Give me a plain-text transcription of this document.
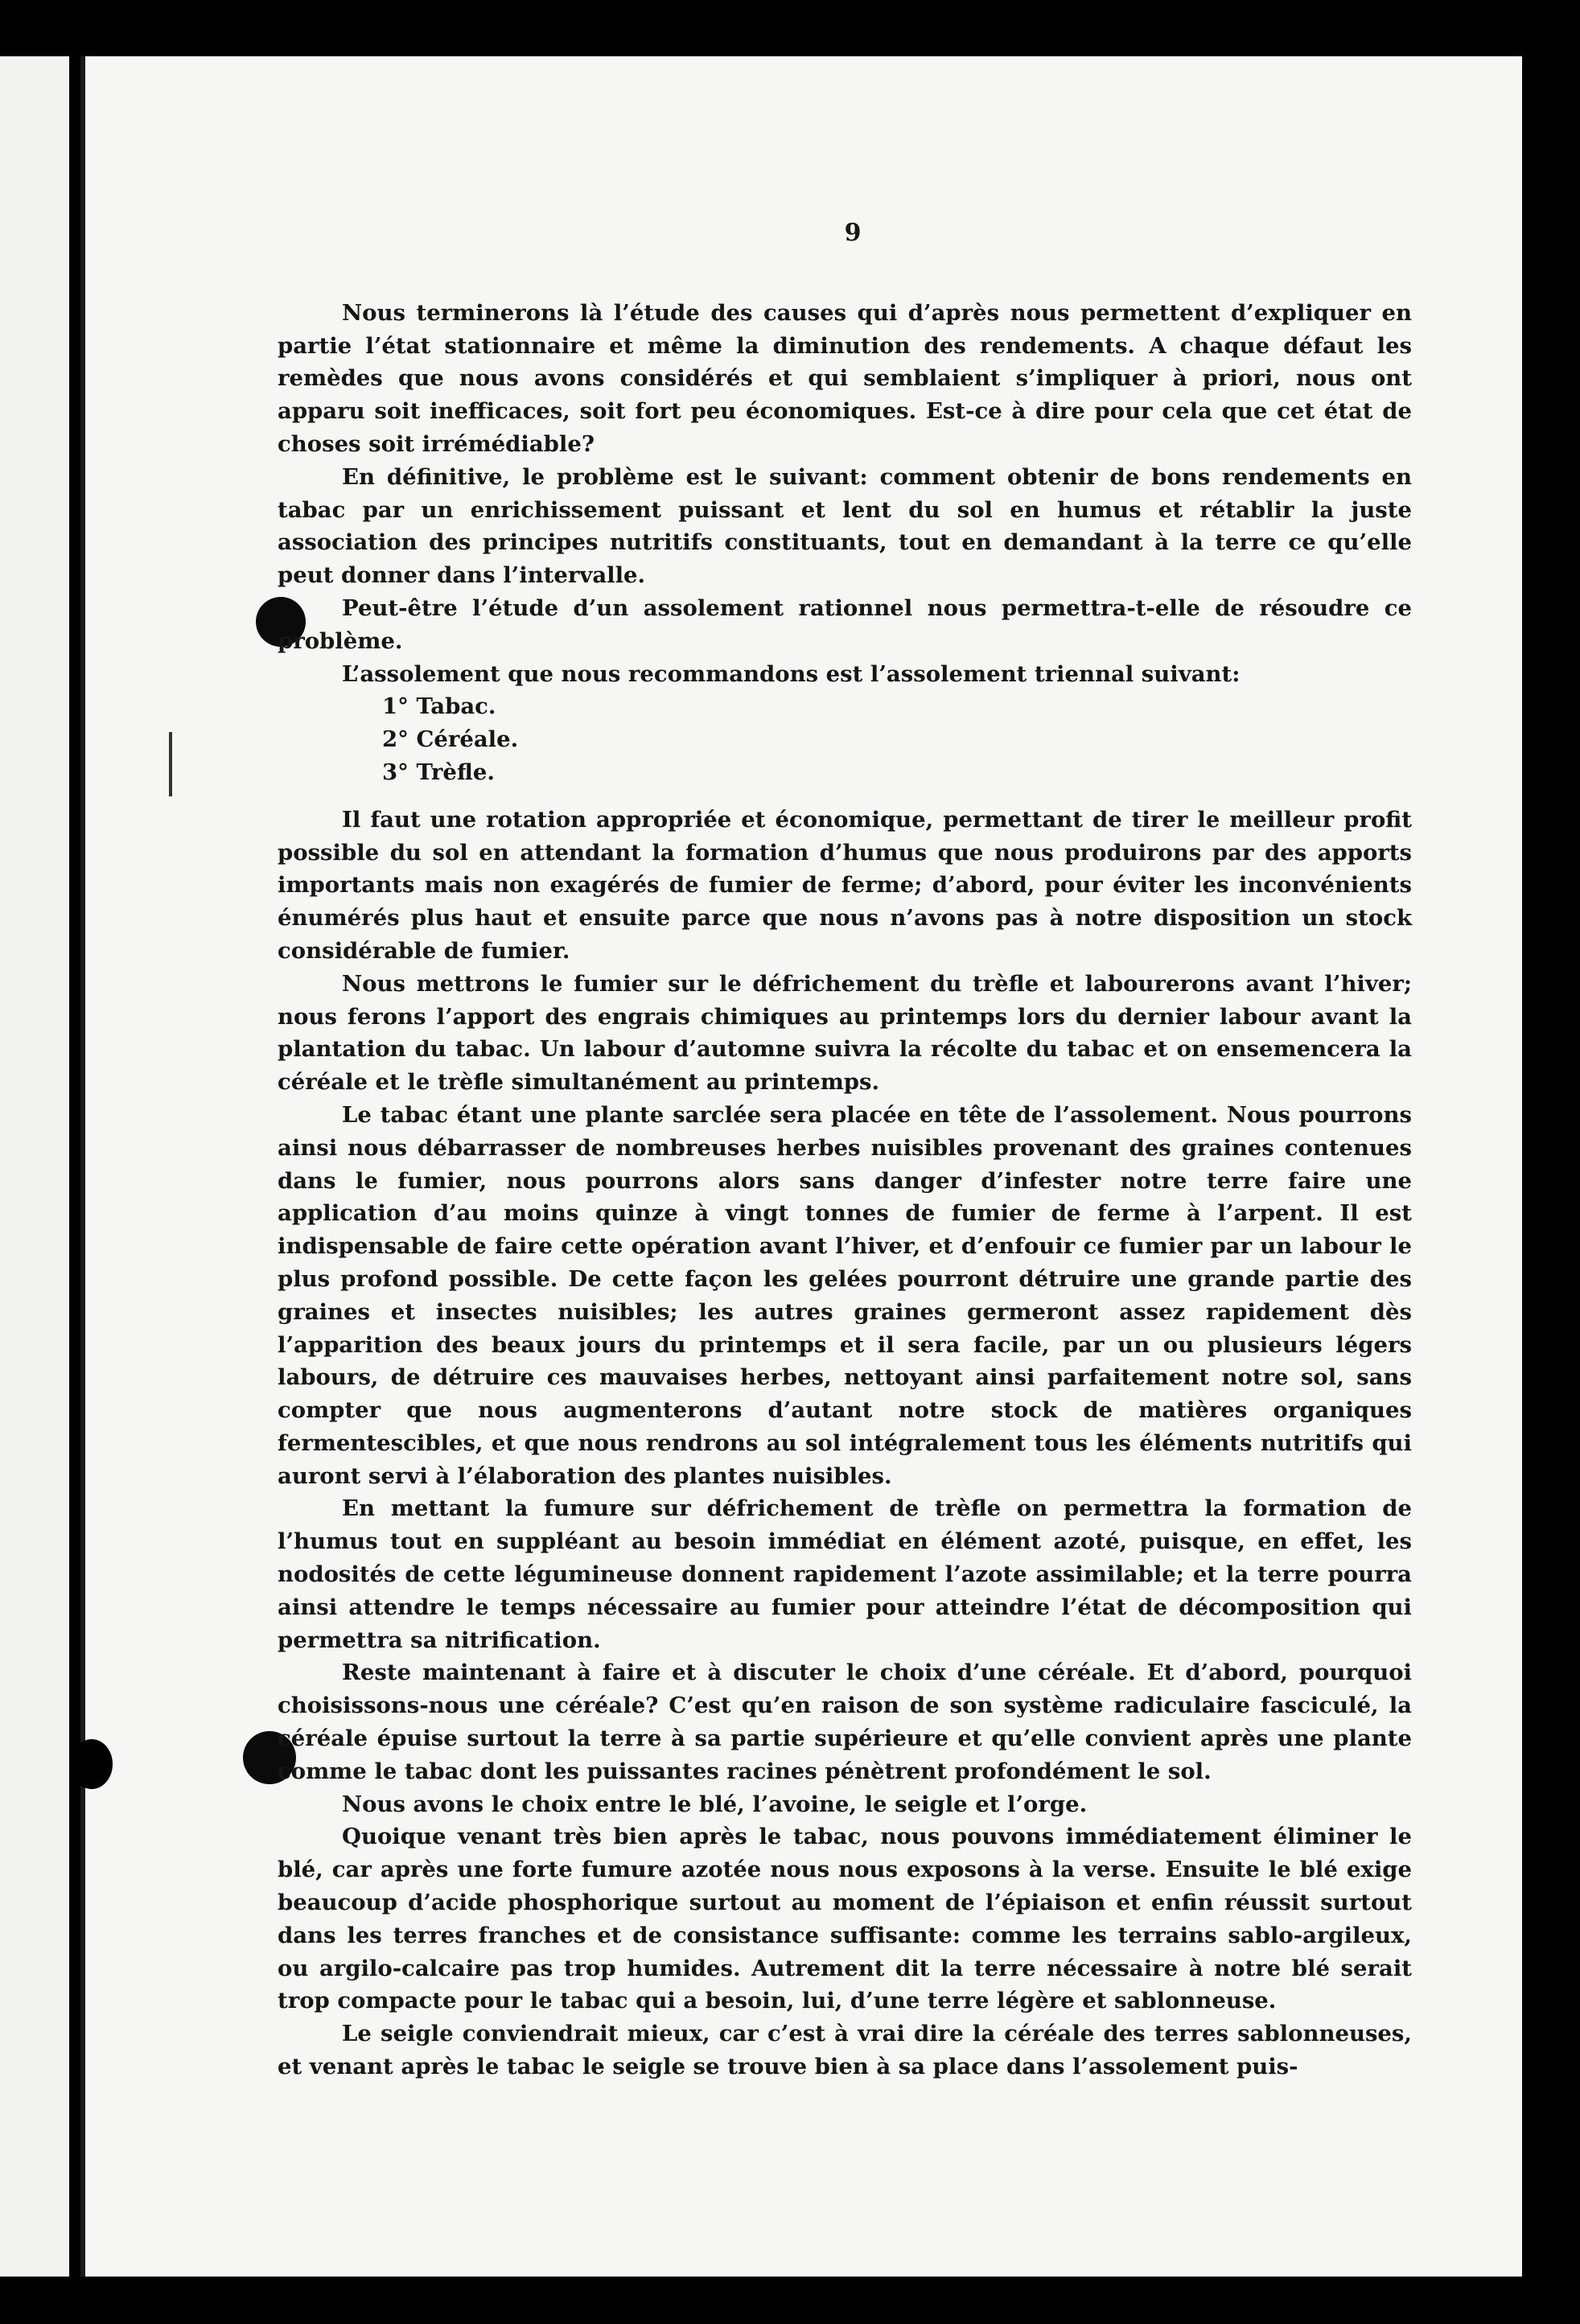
9

Nous terminerons là l’étude des causes qui d’après nous permettent d’expliquer en partie l’état stationnaire et même la diminution des rendements. A chaque défaut les remèdes que nous avons considérés et qui semblaient s’impliquer à priori, nous ont apparu soit inefficaces, soit fort peu économiques. Est-ce à dire pour cela que cet état de choses soit irrémédiable?

En définitive, le problème est le suivant: comment obtenir de bons rendements en tabac par un enrichissement puissant et lent du sol en humus et rétablir la juste association des principes nutritifs constituants, tout en demandant à la terre ce qu’elle peut donner dans l’intervalle.

Peut-être l’étude d’un assolement rationnel nous permettra-t-elle de résoudre ce problème.

L’assolement que nous recommandons est l’assolement triennal suivant:

1° Tabac.
2° Céréale.
3° Trèfle.

Il faut une rotation appropriée et économique, permettant de tirer le meilleur profit possible du sol en attendant la formation d’humus que nous produirons par des apports importants mais non exagérés de fumier de ferme; d’abord, pour éviter les inconvénients énumérés plus haut et ensuite parce que nous n’avons pas à notre disposition un stock considérable de fumier.

Nous mettrons le fumier sur le défrichement du trèfle et labourerons avant l’hiver; nous ferons l’apport des engrais chimiques au printemps lors du dernier labour avant la plantation du tabac. Un labour d’automne suivra la récolte du tabac et on ensemencera la céréale et le trèfle simultanément au printemps.

Le tabac étant une plante sarclée sera placée en tête de l’assolement. Nous pourrons ainsi nous débarrasser de nombreuses herbes nuisibles provenant des graines contenues dans le fumier, nous pourrons alors sans danger d’infester notre terre faire une application d’au moins quinze à vingt tonnes de fumier de ferme à l’arpent. Il est indispensable de faire cette opération avant l’hiver, et d’enfouir ce fumier par un labour le plus profond possible. De cette façon les gelées pourront détruire une grande partie des graines et insectes nuisibles; les autres graines germeront assez rapidement dès l’apparition des beaux jours du printemps et il sera facile, par un ou plusieurs légers labours, de détruire ces mauvaises herbes, nettoyant ainsi parfaitement notre sol, sans compter que nous augmenterons d’autant notre stock de matières organiques fermentescibles, et que nous rendrons au sol intégralement tous les éléments nutritifs qui auront servi à l’élaboration des plantes nuisibles.

En mettant la fumure sur défrichement de trèfle on permettra la formation de l’humus tout en suppléant au besoin immédiat en élément azoté, puisque, en effet, les nodosités de cette légumineuse donnent rapidement l’azote assimilable; et la terre pourra ainsi attendre le temps nécessaire au fumier pour atteindre l’état de décomposition qui permettra sa nitrification.

Reste maintenant à faire et à discuter le choix d’une céréale. Et d’abord, pourquoi choisissons-nous une céréale? C’est qu’en raison de son système radiculaire fasciculé, la céréale épuise surtout la terre à sa partie supérieure et qu’elle convient après une plante comme le tabac dont les puissantes racines pénètrent profondément le sol.

Nous avons le choix entre le blé, l’avoine, le seigle et l’orge.

Quoique venant très bien après le tabac, nous pouvons immédiatement éliminer le blé, car après une forte fumure azotée nous nous exposons à la verse. Ensuite le blé exige beaucoup d’acide phosphorique surtout au moment de l’épiaison et enfin réussit surtout dans les terres franches et de consistance suffisante: comme les terrains sablo-argileux, ou argilo-calcaire pas trop humides. Autrement dit la terre nécessaire à notre blé serait trop compacte pour le tabac qui a besoin, lui, d’une terre légère et sablonneuse.

Le seigle conviendrait mieux, car c’est à vrai dire la céréale des terres sablonneuses, et venant après le tabac le seigle se trouve bien à sa place dans l’assolement puis-
